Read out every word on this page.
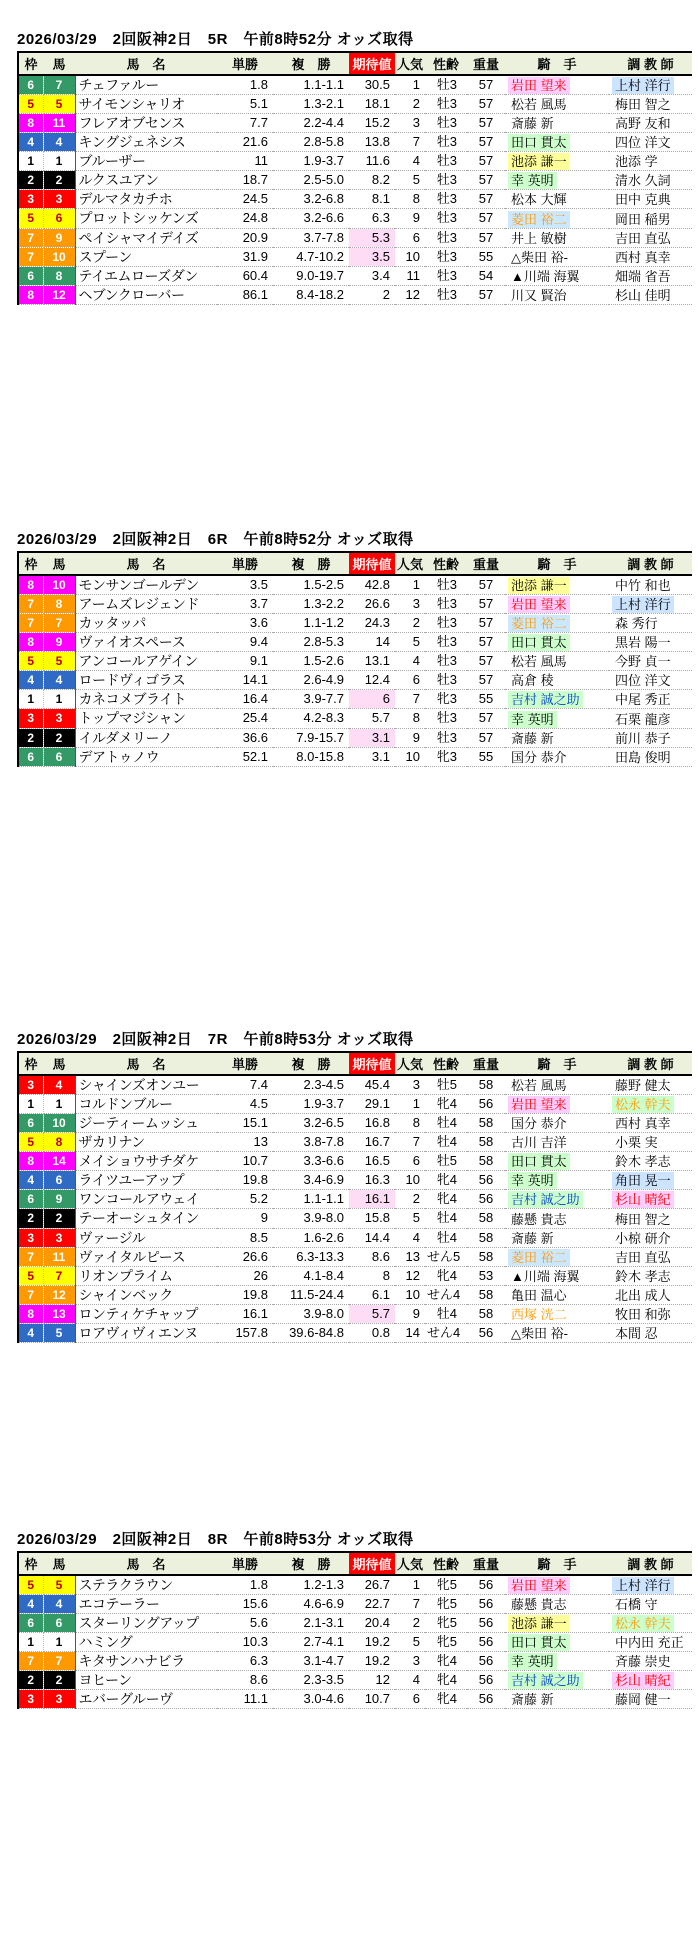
2026/03/29　2回阪神2日　5R　午前8時52分 オッズ取得
枠	馬	馬　名	単勝	複　勝	期待値	人気	性齢	重量	騎　手	調 教 師
6	7	チェファルー	1.8	1.1-1.1	30.5	1	牡3	57	岩田 望来	上村 洋行
5	5	サイモンシャリオ	5.1	1.3-2.1	18.1	2	牡3	57	松若 風馬	梅田 智之
8	11	フレアオブセンス	7.7	2.2-4.4	15.2	3	牡3	57	斎藤 新	高野 友和
4	4	キングジェネシス	21.6	2.8-5.8	13.8	7	牡3	57	田口 貫太	四位 洋文
1	1	ブルーザー	11	1.9-3.7	11.6	4	牡3	57	池添 謙一	池添 学
2	2	ルクスユアン	18.7	2.5-5.0	8.2	5	牡3	57	幸 英明	清水 久詞
3	3	デルマタカチホ	24.5	3.2-6.8	8.1	8	牡3	57	松本 大輝	田中 克典
5	6	プロットシッケンズ	24.8	3.2-6.6	6.3	9	牡3	57	菱田 裕二	岡田 稲男
7	9	ペイシャマイデイズ	20.9	3.7-7.8	5.3	6	牡3	57	井上 敏樹	吉田 直弘
7	10	スプーン	31.9	4.7-10.2	3.5	10	牡3	55	△柴田 裕-	西村 真幸
6	8	テイエムローズダン	60.4	9.0-19.7	3.4	11	牡3	54	▲川端 海翼	畑端 省吾
8	12	ヘブンクローバー	86.1	8.4-18.2	2	12	牡3	57	川又 賢治	杉山 佳明
2026/03/29　2回阪神2日　6R　午前8時52分 オッズ取得
枠	馬	馬　名	単勝	複　勝	期待値	人気	性齢	重量	騎　手	調 教 師
8	10	モンサンゴールデン	3.5	1.5-2.5	42.8	1	牡3	57	池添 謙一	中竹 和也
7	8	アームズレジェンド	3.7	1.3-2.2	26.6	3	牡3	57	岩田 望来	上村 洋行
7	7	カッタッパ	3.6	1.1-1.2	24.3	2	牡3	57	菱田 裕二	森 秀行
8	9	ヴァイオスペース	9.4	2.8-5.3	14	5	牡3	57	田口 貫太	黒岩 陽一
5	5	アンコールアゲイン	9.1	1.5-2.6	13.1	4	牡3	57	松若 風馬	今野 貞一
4	4	ロードヴィゴラス	14.1	2.6-4.9	12.4	6	牡3	57	高倉 稜	四位 洋文
1	1	カネコメブライト	16.4	3.9-7.7	6	7	牝3	55	吉村 誠之助	中尾 秀正
3	3	トップマジシャン	25.4	4.2-8.3	5.7	8	牡3	57	幸 英明	石栗 龍彦
2	2	イルダメリーノ	36.6	7.9-15.7	3.1	9	牡3	57	斎藤 新	前川 恭子
6	6	デアトゥノウ	52.1	8.0-15.8	3.1	10	牝3	55	国分 恭介	田島 俊明
2026/03/29　2回阪神2日　7R　午前8時53分 オッズ取得
枠	馬	馬　名	単勝	複　勝	期待値	人気	性齢	重量	騎　手	調 教 師
3	4	シャインズオンユー	7.4	2.3-4.5	45.4	3	牡5	58	松若 風馬	藤野 健太
1	1	コルドンブルー	4.5	1.9-3.7	29.1	1	牝4	56	岩田 望来	松永 幹夫
6	10	ジーティームッシュ	15.1	3.2-6.5	16.8	8	牡4	58	国分 恭介	西村 真幸
5	8	ザカリナン	13	3.8-7.8	16.7	7	牡4	58	古川 吉洋	小栗 実
8	14	メイショウサチダケ	10.7	3.3-6.6	16.5	6	牡5	58	田口 貫太	鈴木 孝志
4	6	ライツユーアップ	19.8	3.4-6.9	16.3	10	牝4	56	幸 英明	角田 晃一
6	9	ワンコールアウェイ	5.2	1.1-1.1	16.1	2	牝4	56	吉村 誠之助	杉山 晴紀
2	2	テーオーシュタイン	9	3.9-8.0	15.8	5	牡4	58	藤懸 貴志	梅田 智之
3	3	ヴァージル	8.5	1.6-2.6	14.4	4	牡4	58	斎藤 新	小椋 研介
7	11	ヴァイタルピース	26.6	6.3-13.3	8.6	13	せん5	58	菱田 裕二	吉田 直弘
5	7	リオンプライム	26	4.1-8.4	8	12	牝4	53	▲川端 海翼	鈴木 孝志
7	12	シャインベック	19.8	11.5-24.4	6.1	10	せん4	58	亀田 温心	北出 成人
8	13	ロンティケチャップ	16.1	3.9-8.0	5.7	9	牡4	58	西塚 洸二	牧田 和弥
4	5	ロアヴィヴィエンヌ	157.8	39.6-84.8	0.8	14	せん4	56	△柴田 裕-	本間 忍
2026/03/29　2回阪神2日　8R　午前8時53分 オッズ取得
枠	馬	馬　名	単勝	複　勝	期待値	人気	性齢	重量	騎　手	調 教 師
5	5	ステラクラウン	1.8	1.2-1.3	26.7	1	牝5	56	岩田 望来	上村 洋行
4	4	エコテーラー	15.6	4.6-6.9	22.7	7	牝5	56	藤懸 貴志	石橋 守
6	6	スターリングアップ	5.6	2.1-3.1	20.4	2	牝5	56	池添 謙一	松永 幹夫
1	1	ハミング	10.3	2.7-4.1	19.2	5	牝5	56	田口 貫太	中内田 充正
7	7	キタサンハナビラ	6.3	3.1-4.7	19.2	3	牝4	56	幸 英明	斉藤 崇史
2	2	ヨヒーン	8.6	2.3-3.5	12	4	牝4	56	吉村 誠之助	杉山 晴紀
3	3	エバーグルーヴ	11.1	3.0-4.6	10.7	6	牝4	56	斎藤 新	藤岡 健一
